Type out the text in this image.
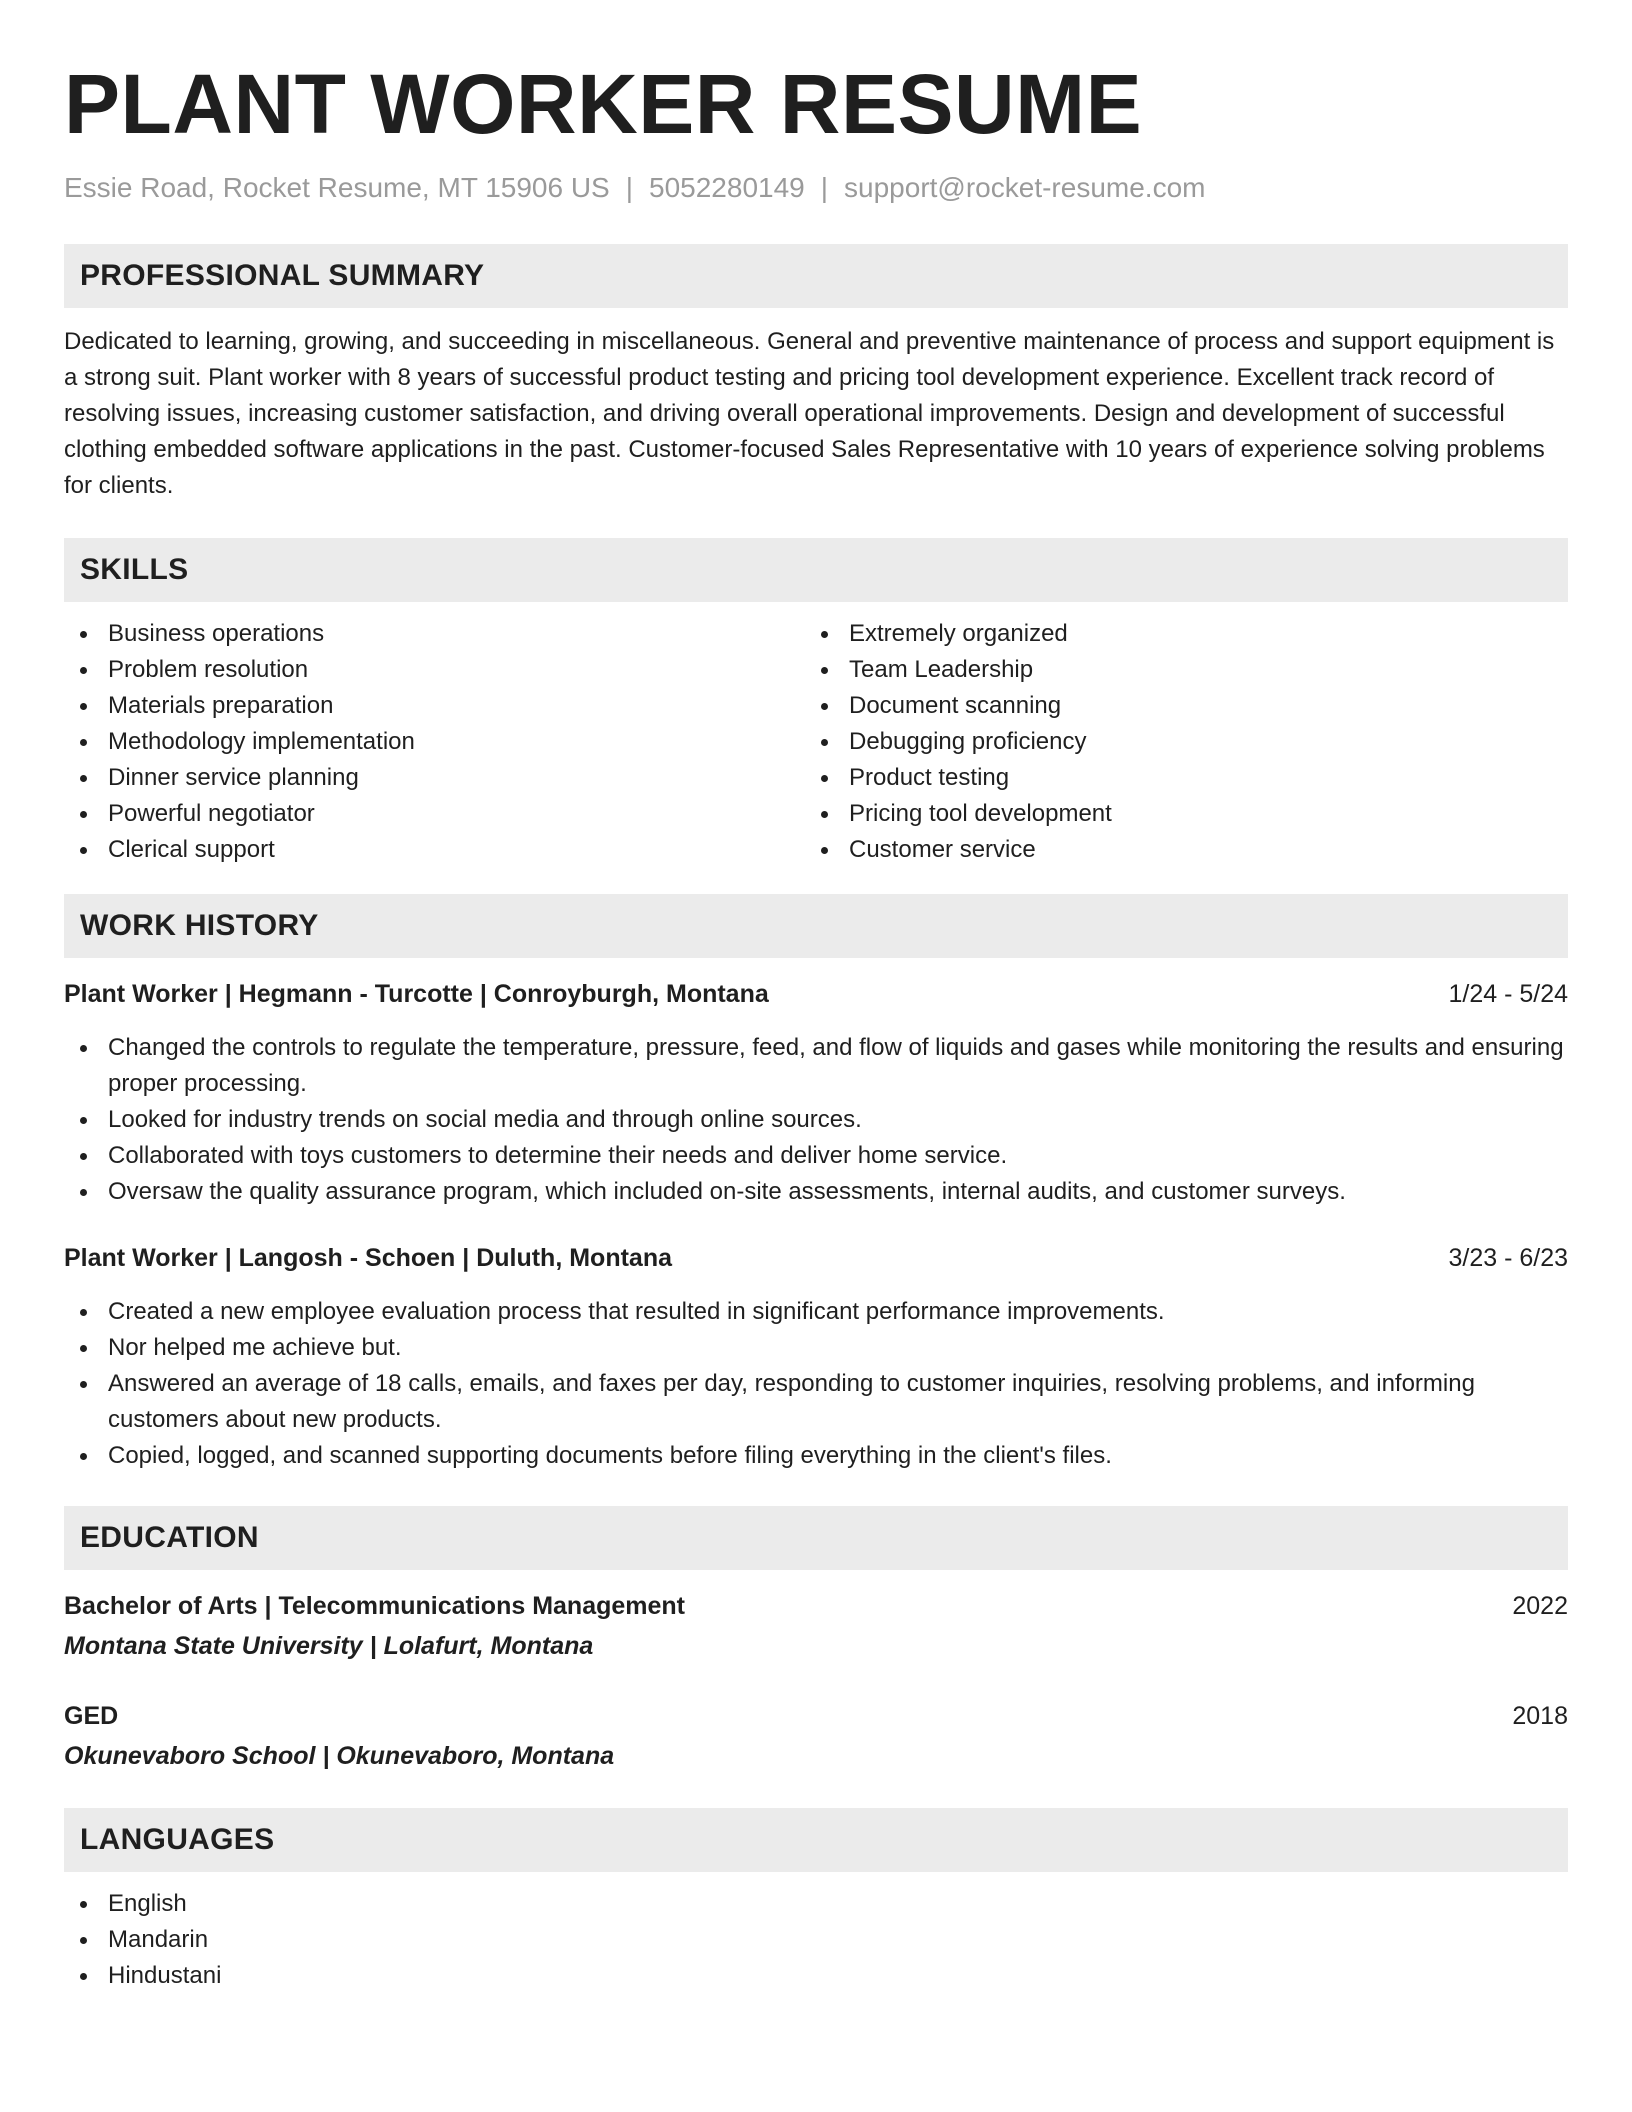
PLANT WORKER RESUME
Essie Road, Rocket Resume, MT 15906 US | 5052280149 | support@rocket-resume.com
PROFESSIONAL SUMMARY

Dedicated to learning, growing, and succeeding in miscellaneous. General and preventive maintenance of process and support equipment is a strong suit. Plant worker with 8 years of successful product testing and pricing tool development experience. Excellent track record of resolving issues, increasing customer satisfaction, and driving overall operational improvements. Design and development of successful clothing embedded software applications in the past. Customer-focused Sales Representative with 10 years of experience solving problems for clients.

SKILLS
Business operations
Problem resolution
Materials preparation
Methodology implementation
Dinner service planning
Powerful negotiator
Clerical support
Extremely organized
Team Leadership
Document scanning
Debugging proficiency
Product testing
Pricing tool development
Customer service
WORK HISTORY
Plant Worker | Hegmann - Turcotte | Conroyburgh, Montana	1/24 - 5/24
Changed the controls to regulate the temperature, pressure, feed, and flow of liquids and gases while monitoring the results and ensuring proper processing.
Looked for industry trends on social media and through online sources.
Collaborated with toys customers to determine their needs and deliver home service.
Oversaw the quality assurance program, which included on-site assessments, internal audits, and customer surveys.
Plant Worker | Langosh - Schoen | Duluth, Montana	3/23 - 6/23
Created a new employee evaluation process that resulted in significant performance improvements.
Nor helped me achieve but.
Answered an average of 18 calls, emails, and faxes per day, responding to customer inquiries, resolving problems, and informing customers about new products.
Copied, logged, and scanned supporting documents before filing everything in the client's files.
EDUCATION
Bachelor of Arts | Telecommunications Management	2022
Montana State University | Lolafurt, Montana
GED	2018
Okunevaboro School | Okunevaboro, Montana
LANGUAGES
English
Mandarin
Hindustani
